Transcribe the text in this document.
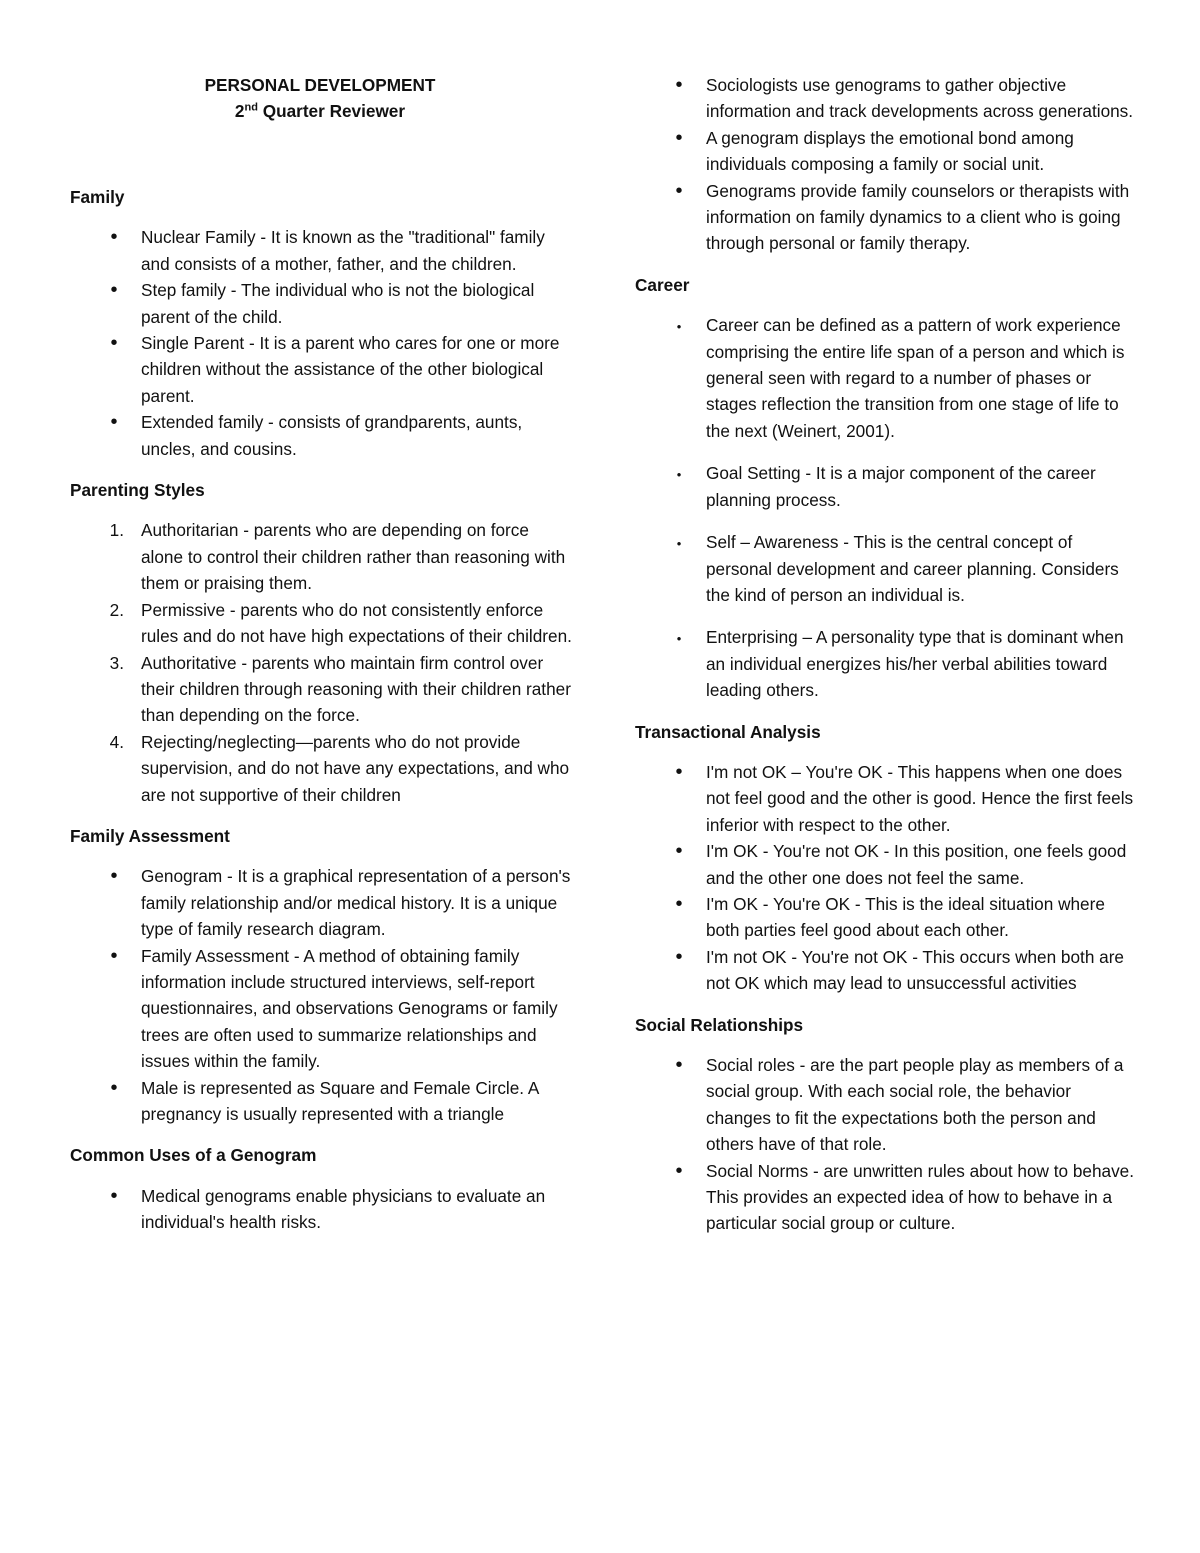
PERSONAL DEVELOPMENT
2nd Quarter Reviewer

Family

•
Nuclear Family - It is known as the "traditional" family and consists of a mother, father, and the children.
•
Step family - The individual who is not the biological parent of the child.
•
Single Parent - It is a parent who cares for one or more children without the assistance of the other biological parent.
•
Extended family - consists of grandparents, aunts, uncles, and cousins.

Parenting Styles

1. Authoritarian - parents who are depending on force alone to control their children rather than reasoning with them or praising them.
2. Permissive - parents who do not consistently enforce rules and do not have high expectations of their children.
3. Authoritative - parents who maintain firm control over their children through reasoning with their children rather than depending on the force.
4. Rejecting/neglecting—parents who do not provide supervision, and do not have any expectations, and who are not supportive of their children

Family Assessment

•
Genogram - It is a graphical representation of a person's family relationship and/or medical history. It is a unique type of family research diagram.
•
Family Assessment - A method of obtaining family information include structured interviews, self-report questionnaires, and observations Genograms or family trees are often used to summarize relationships and issues within the family.
•
Male is represented as Square and Female Circle. A pregnancy is usually represented with a triangle

Common Uses of a Genogram

•
Medical genograms enable physicians to evaluate an individual's health risks.
•
Sociologists use genograms to gather objective information and track developments across generations.
•
A genogram displays the emotional bond among individuals composing a family or social unit.
•
Genograms provide family counselors or therapists with information on family dynamics to a client who is going through personal or family therapy.

Career

•
Career can be defined as a pattern of work experience comprising the entire life span of a person and which is general seen with regard to a number of phases or stages reflection the transition from one stage of life to the next (Weinert, 2001).
•
Goal Setting - It is a major component of the career planning process.
•
Self – Awareness - This is the central concept of personal development and career planning. Considers the kind of person an individual is.
•
Enterprising – A personality type that is dominant when an individual energizes his/her verbal abilities toward leading others.

Transactional Analysis

•
I'm not OK – You're OK - This happens when one does not feel good and the other is good. Hence the first feels inferior with respect to the other.
•
I'm OK - You're not OK - In this position, one feels good and the other one does not feel the same.
•
I'm OK - You're OK - This is the ideal situation where both parties feel good about each other.
•
I'm not OK - You're not OK - This occurs when both are not OK which may lead to unsuccessful activities

Social Relationships

•
Social roles - are the part people play as members of a social group. With each social role, the behavior changes to fit the expectations both the person and others have of that role.
•
Social Norms - are unwritten rules about how to behave. This provides an expected idea of how to behave in a particular social group or culture.
